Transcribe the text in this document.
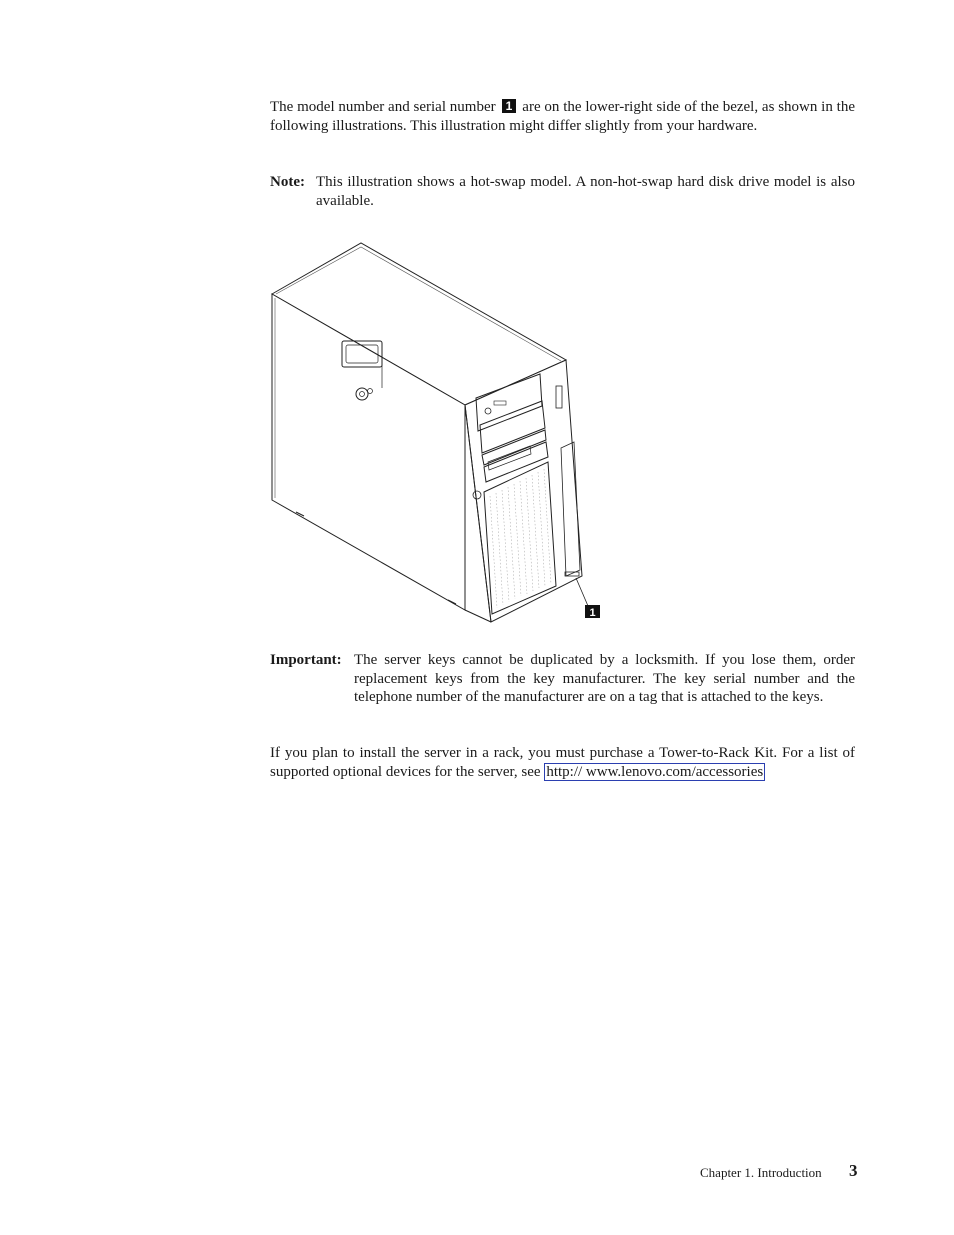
The model number and serial number 1 are on the lower-right side of the bezel, as shown in the following illustrations. This illustration might differ slightly from your hardware.
Note: This illustration shows a hot-swap model. A non-hot-swap hard disk drive model is also available.
1
Important: The server keys cannot be duplicated by a locksmith. If you lose them, order replacement keys from the key manufacturer. The key serial number and the telephone number of the manufacturer are on a tag that is attached to the keys.
If you plan to install the server in a rack, you must purchase a Tower-to-Rack Kit. For a list of supported optional devices for the server, see http:// www.lenovo.com/accessories
Chapter 1. Introduction 3
